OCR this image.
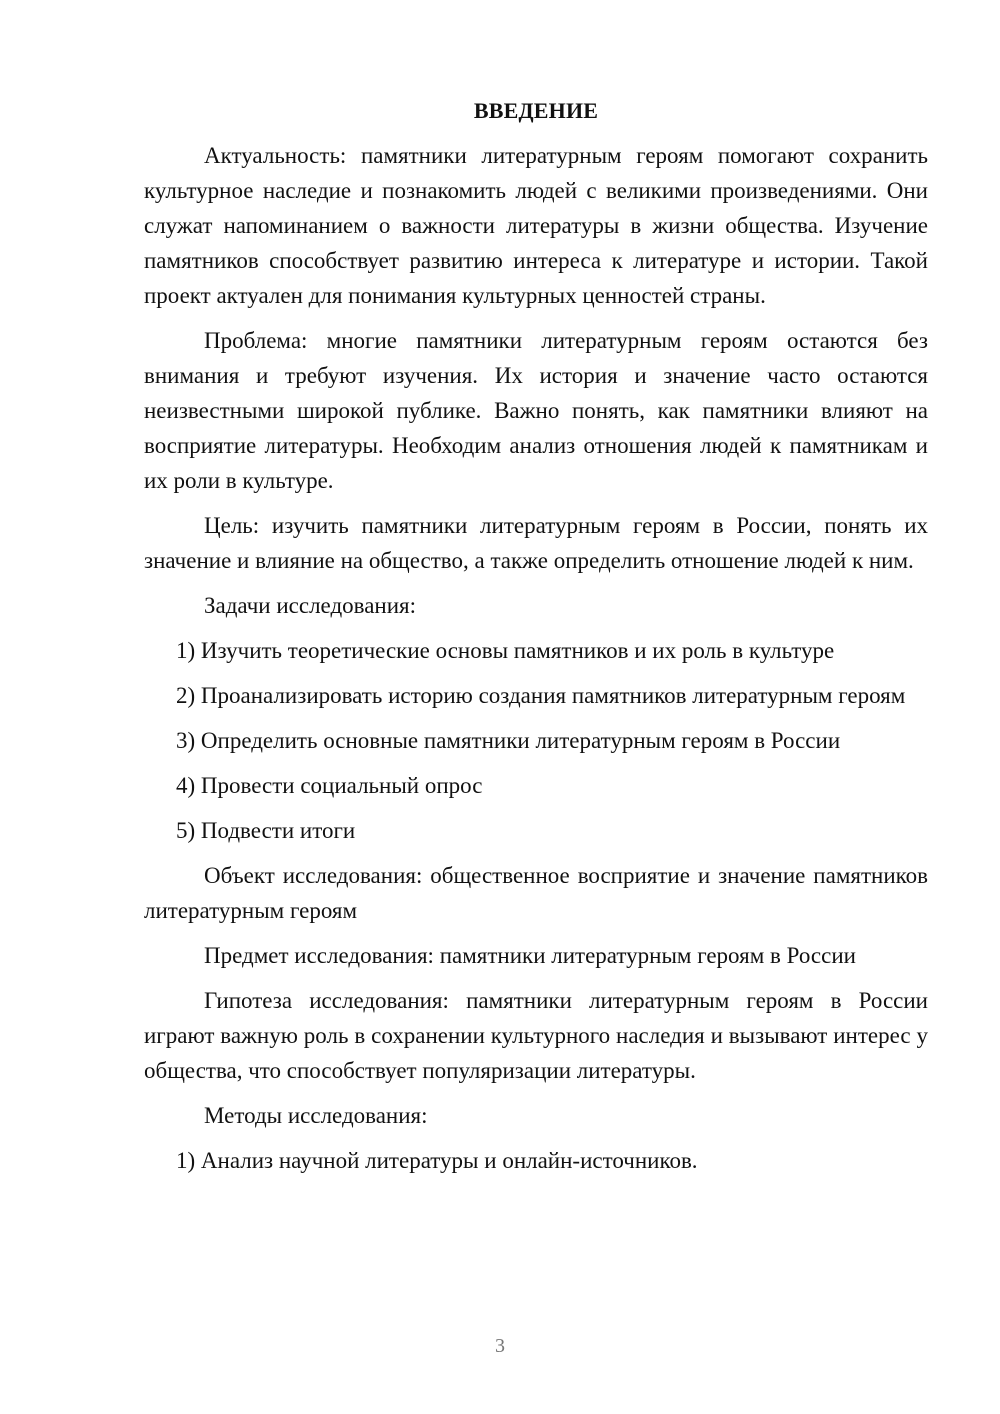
ВВЕДЕНИЕ

Актуальность: памятники литературным героям помогают сохранить культурное наследие и познакомить людей с великими произведениями. Они служат напоминанием о важности литературы в жизни общества. Изучение памятников способствует развитию интереса к литературе и истории. Такой проект актуален для понимания культурных ценностей страны.

Проблема: многие памятники литературным героям остаются без внимания и требуют изучения. Их история и значение часто остаются неизвестными широкой публике. Важно понять, как памятники влияют на восприятие литературы. Необходим анализ отношения людей к памятникам и их роли в культуре.

Цель: изучить памятники литературным героям в России, понять их значение и влияние на общество, а также определить отношение людей к ним.

Задачи исследования:

1) Изучить теоретические основы памятников и их роль в культуре

2) Проанализировать историю создания памятников литературным героям

3) Определить основные памятники литературным героям в России

4) Провести социальный опрос

5) Подвести итоги

Объект исследования: общественное восприятие и значение памятников литературным героям

Предмет исследования: памятники литературным героям в России

Гипотеза исследования: памятники литературным героям в России играют важную роль в сохранении культурного наследия и вызывают интерес у общества, что способствует популяризации литературы.

Методы исследования:

1) Анализ научной литературы и онлайн-источников.

3
